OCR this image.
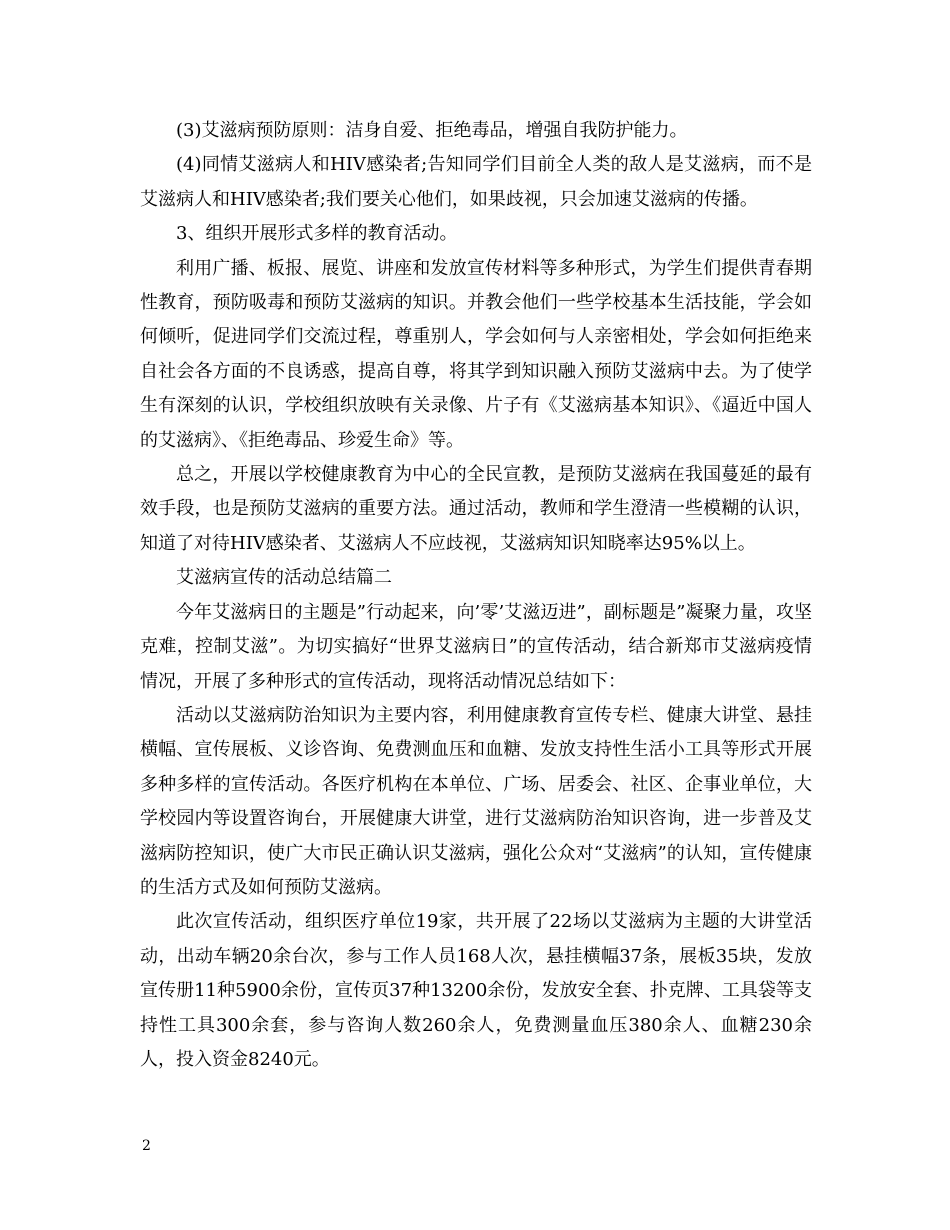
(3)艾滋病预防原则：洁身自爱、拒绝毒品，增强自我防护能力。

(4)同情艾滋病人和HIV感染者;告知同学们目前全人类的敌人是艾滋病，而不是艾滋病人和HIV感染者;我们要关心他们，如果歧视，只会加速艾滋病的传播。

3、组织开展形式多样的教育活动。

利用广播、板报、展览、讲座和发放宣传材料等多种形式，为学生们提供青春期性教育，预防吸毒和预防艾滋病的知识。并教会他们一些学校基本生活技能，学会如何倾听，促进同学们交流过程，尊重别人，学会如何与人亲密相处，学会如何拒绝来自社会各方面的不良诱惑，提高自尊，将其学到知识融入预防艾滋病中去。为了使学生有深刻的认识，学校组织放映有关录像、片子有《艾滋病基本知识》、《逼近中国人的艾滋病》、《拒绝毒品、珍爱生命》等。

总之，开展以学校健康教育为中心的全民宣教，是预防艾滋病在我国蔓延的最有效手段，也是预防艾滋病的重要方法。通过活动，教师和学生澄清一些模糊的认识，知道了对待HIV感染者、艾滋病人不应歧视，艾滋病知识知晓率达95%以上。

艾滋病宣传的活动总结篇二

今年艾滋病日的主题是”行动起来，向’零’艾滋迈进”，副标题是”凝聚力量，攻坚克难，控制艾滋”。为切实搞好“世界艾滋病日”的宣传活动，结合新郑市艾滋病疫情情况，开展了多种形式的宣传活动，现将活动情况总结如下：

活动以艾滋病防治知识为主要内容，利用健康教育宣传专栏、健康大讲堂、悬挂横幅、宣传展板、义诊咨询、免费测血压和血糖、发放支持性生活小工具等形式开展多种多样的宣传活动。各医疗机构在本单位、广场、居委会、社区、企事业单位，大学校园内等设置咨询台，开展健康大讲堂，进行艾滋病防治知识咨询，进一步普及艾滋病防控知识，使广大市民正确认识艾滋病，强化公众对“艾滋病”的认知，宣传健康的生活方式及如何预防艾滋病。

此次宣传活动，组织医疗单位19家，共开展了22场以艾滋病为主题的大讲堂活动，出动车辆20余台次，参与工作人员168人次，悬挂横幅37条，展板35块，发放宣传册11种5900余份，宣传页37种13200余份，发放安全套、扑克牌、工具袋等支持性工具300余套，参与咨询人数260余人，免费测量血压380余人、血糖230余人，投入资金8240元。

2
